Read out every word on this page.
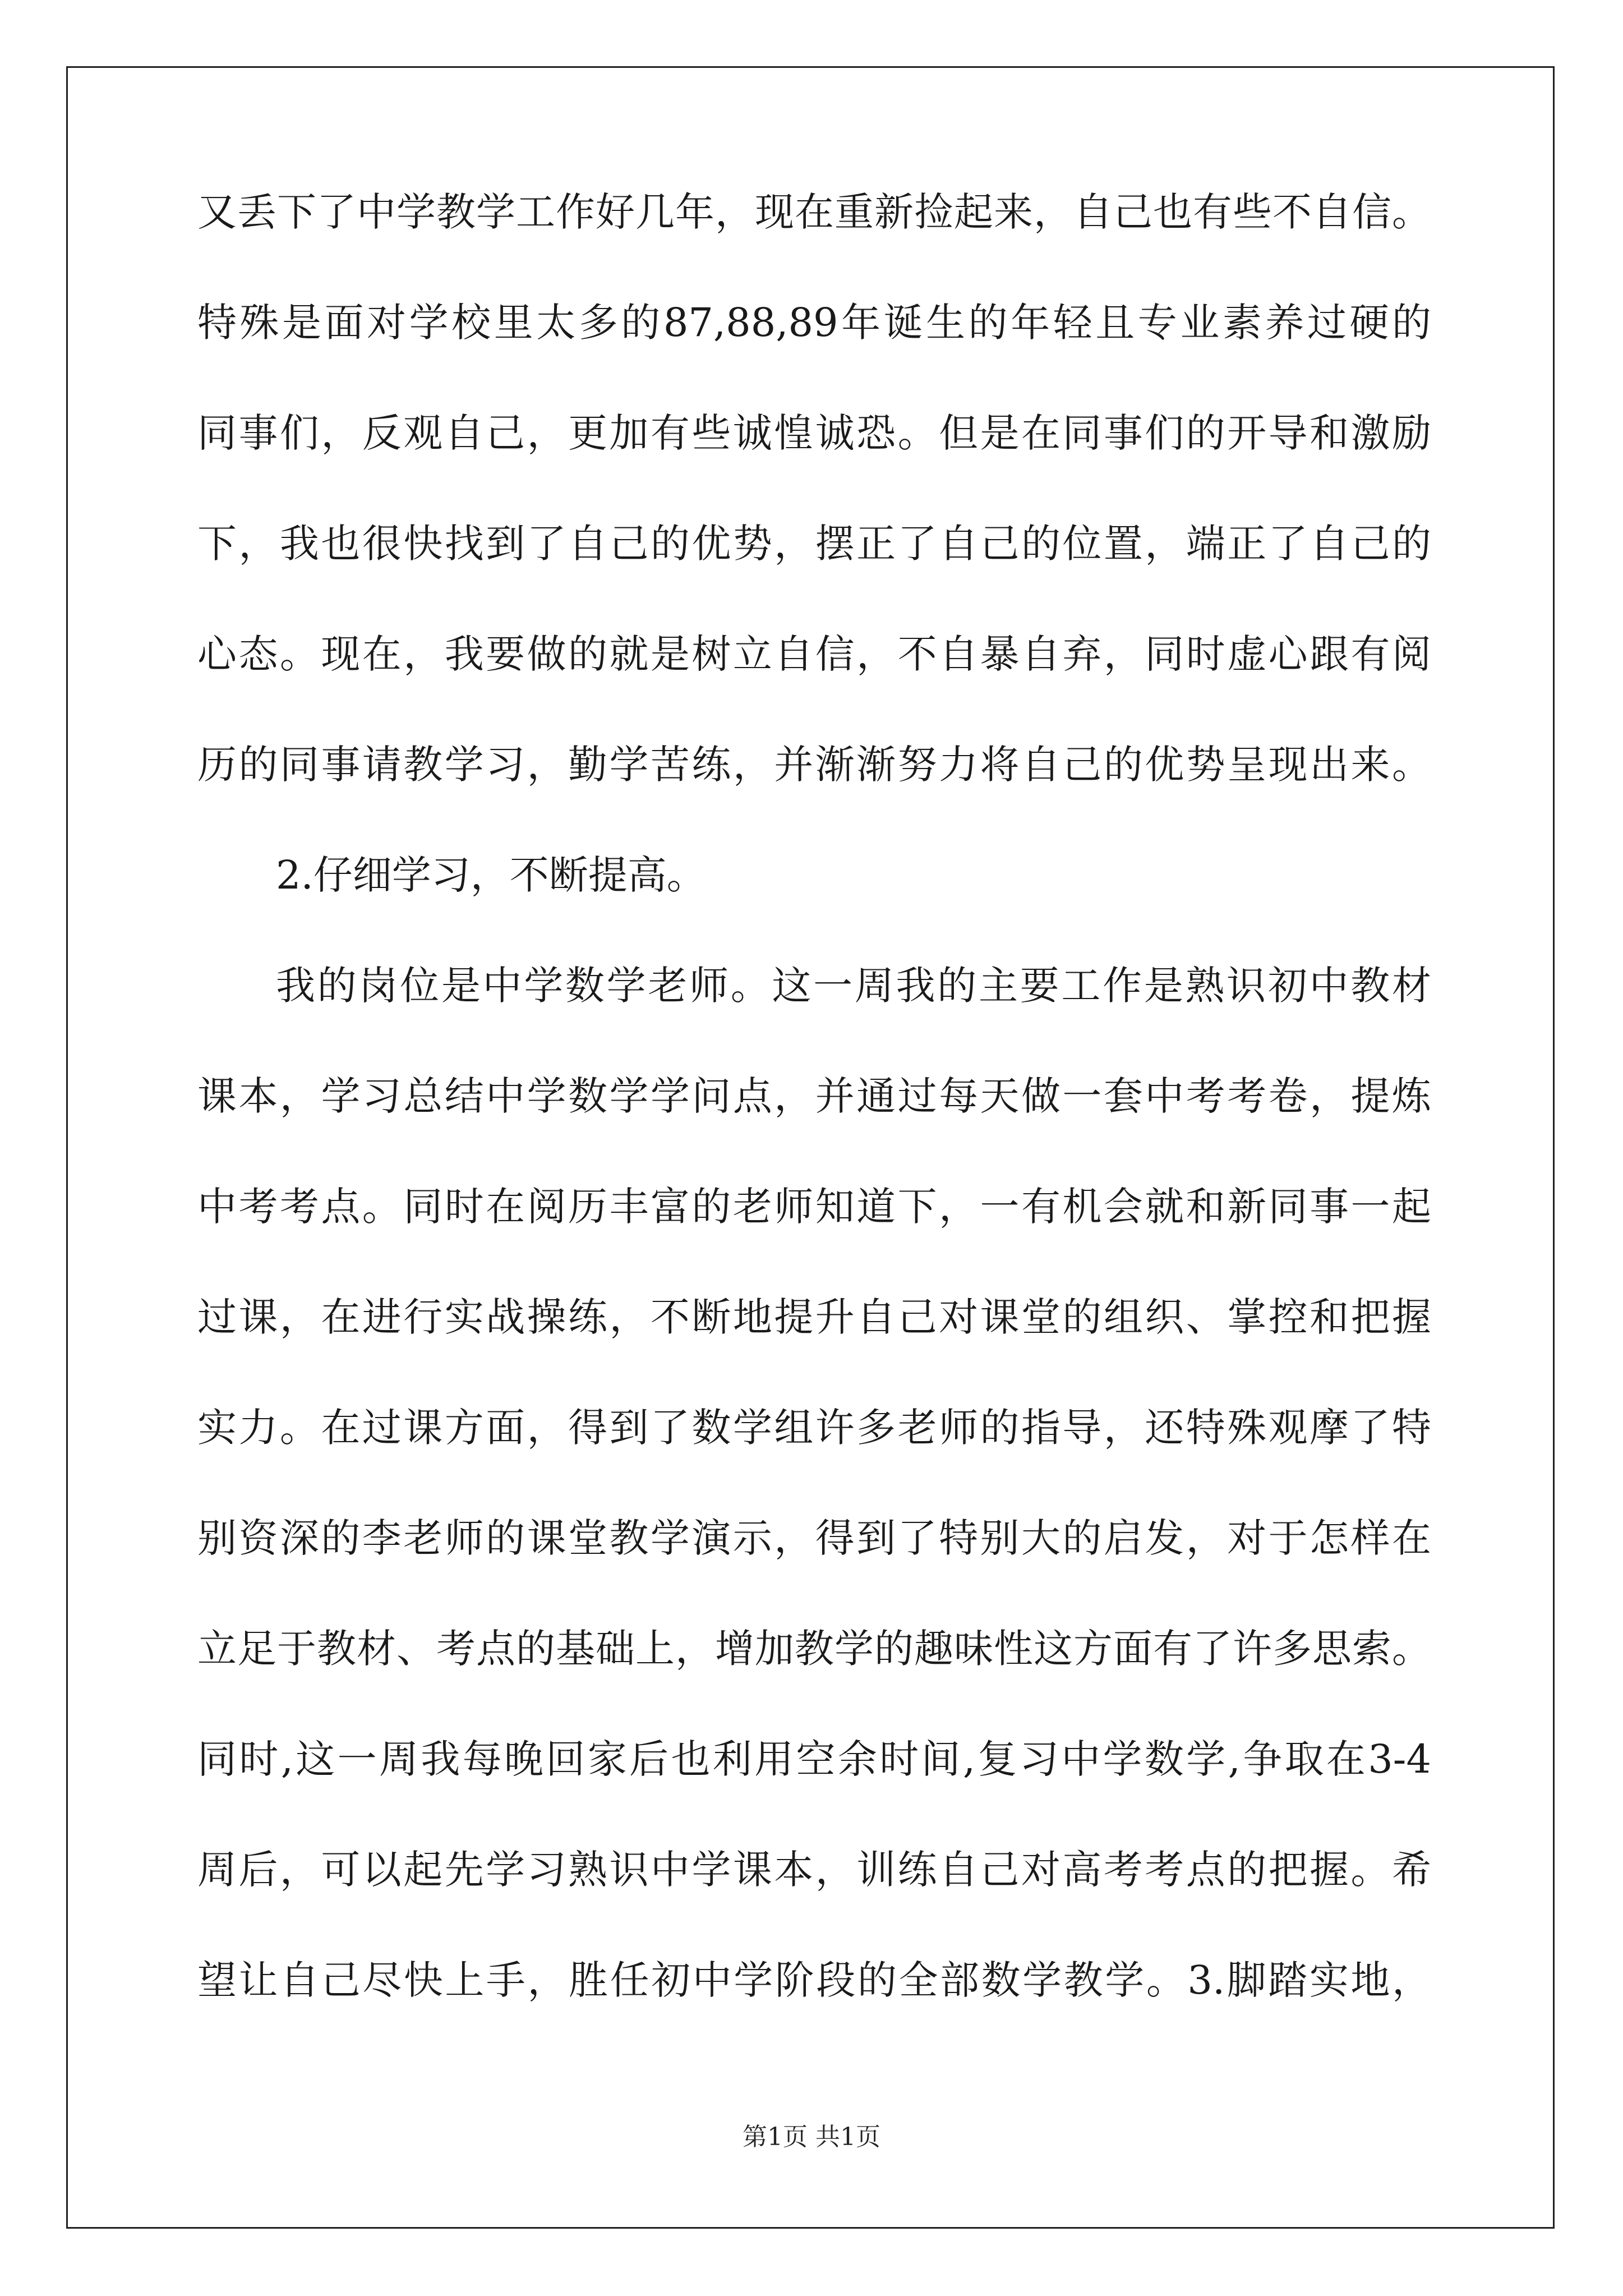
又丢下了中学教学工作好几年，现在重新捡起来，自己也有些不自信。
特殊是面对学校里太多的87,88,89年诞生的年轻且专业素养过硬的
同事们，反观自己，更加有些诚惶诚恐。但是在同事们的开导和激励
下，我也很快找到了自己的优势，摆正了自己的位置，端正了自己的
心态。现在，我要做的就是树立自信，不自暴自弃，同时虚心跟有阅
历的同事请教学习，勤学苦练，并渐渐努力将自己的优势呈现出来。
2.仔细学习，不断提高。
我的岗位是中学数学老师。这一周我的主要工作是熟识初中教材
课本，学习总结中学数学学问点，并通过每天做一套中考考卷，提炼
中考考点。同时在阅历丰富的老师知道下，一有机会就和新同事一起
过课，在进行实战操练，不断地提升自己对课堂的组织、掌控和把握
实力。在过课方面，得到了数学组许多老师的指导，还特殊观摩了特
别资深的李老师的课堂教学演示，得到了特别大的启发，对于怎样在
立足于教材、考点的基础上，增加教学的趣味性这方面有了许多思索。
同时,这一周我每晚回家后也利用空余时间,复习中学数学,争取在3-4
周后，可以起先学习熟识中学课本，训练自己对高考考点的把握。希
望让自己尽快上手，胜任初中学阶段的全部数学教学。3.脚踏实地，
第1页 共1页
